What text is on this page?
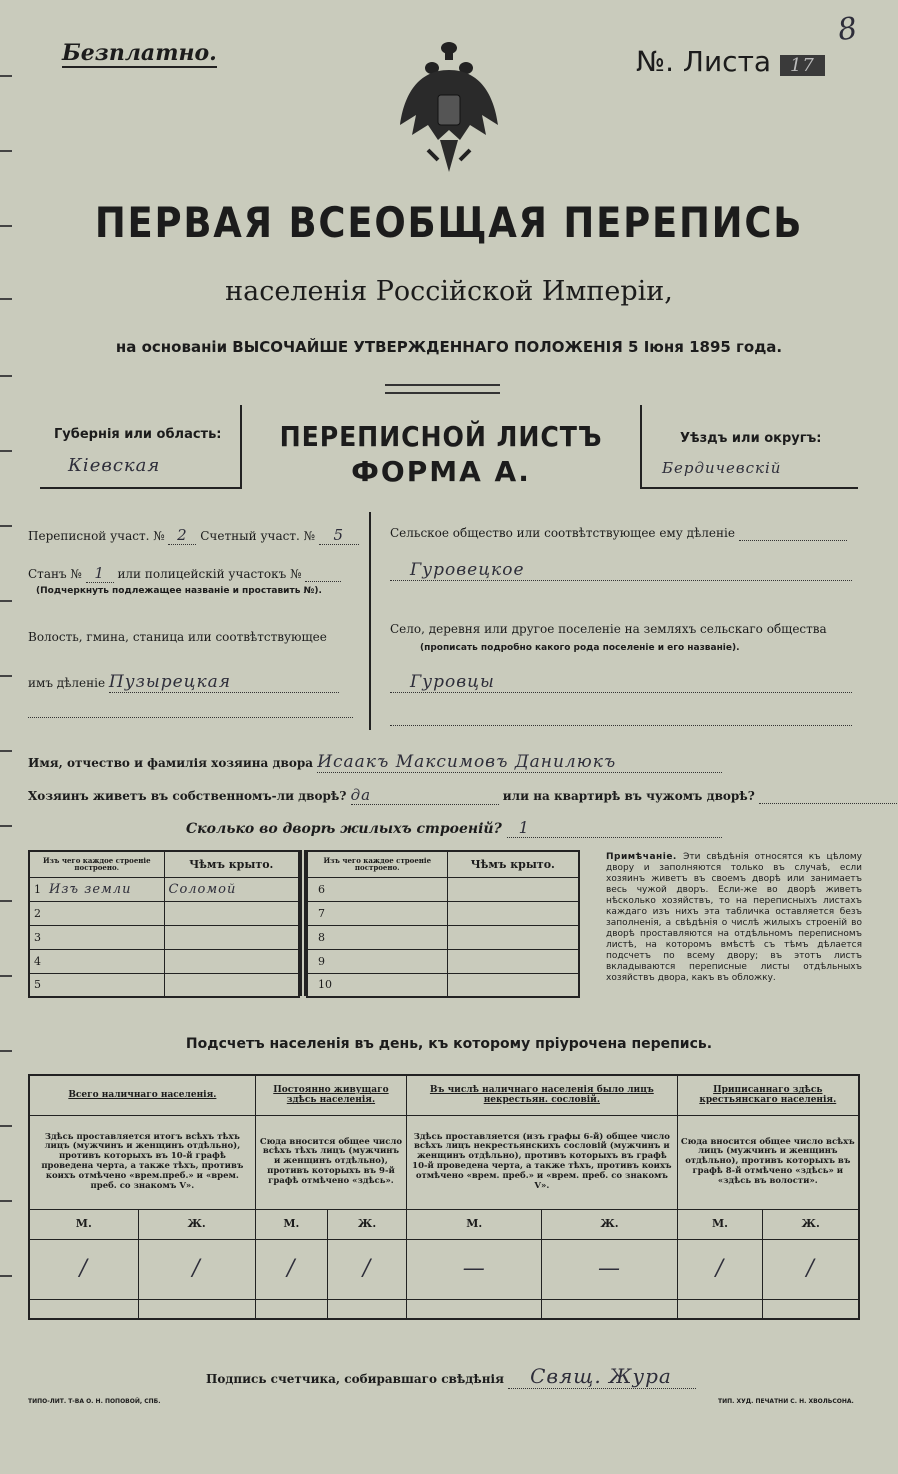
Безплатно.	№. Листа 17
8
ПЕРВАЯ ВСЕОБЩАЯ ПЕРЕПИСЬ
населенія Россійской Имперіи,
на основаніи ВЫСОЧАЙШЕ УТВЕРЖДЕННАГО ПОЛОЖЕНІЯ 5 Іюня 1895 года.
Губернія или область:
Кіевская
ПЕРЕПИСНОЙ ЛИСТЪ
ФОРМА А.
Уѣздъ или округъ:
Бердичевскій
Переписной участ. № 2 Счетный участ. № 5
Станъ № 1 или полицейскій участокъ №
(Подчеркнуть подлежащее названіе и проставить №).
Волость, гмина, станица или соотвѣтствующее
имъ дѣленіе Пузырецкая
Сельское общество или соотвѣтствующее ему дѣленіе
Гуровецкое
Село, деревня или другое поселеніе на земляхъ сельскаго общества
(прописать подробно какого рода поселеніе и его названіе).
Гуровцы
Имя, отчество и фамилія хозяина двора Исаакъ Максимовъ Данилюкъ
Хозяинъ живетъ въ собственномъ-ли дворѣ? да	или на квартирѣ въ чужомъ дворѣ?
Сколько во дворѣ жилыхъ строеній? 1
Изъ чего каждое строеніе построено.	Чѣмъ крыто.
1 Изъ земли	Соломой
2	
3	
4	
5	
Изъ чего каждое строеніе построено.	Чѣмъ крыто.
6	
7	
8	
9	
10	
Примѣчаніе. Эти свѣдѣнія относятся къ цѣлому двору и заполняются только въ случаѣ, если хозяинъ живетъ въ своемъ дворѣ или занимаетъ весь чужой дворъ. Если-же во дворѣ живетъ нѣсколько хозяйствъ, то на переписныхъ листахъ каждаго изъ нихъ эта табличка оставляется безъ заполненія, а свѣдѣнія о числѣ жилыхъ строеній во дворѣ проставляются на отдѣльномъ переписномъ листѣ, на которомъ вмѣстѣ съ тѣмъ дѣлается подсчетъ по всему двору; въ этотъ листъ вкладываются переписные листы отдѣльныхъ хозяйствъ двора, какъ въ обложку.
Подсчетъ населенія въ день, къ которому пріурочена перепись.
Всего наличнаго населенія.		Постоянно живущаго здѣсь населенія.		Въ числѣ наличнаго населенія было лицъ некрестьян. сословій.		Приписаннаго здѣсь крестьянскаго населенія.	
Здѣсь проставляется итогъ всѣхъ тѣхъ лицъ (мужчинъ и женщинъ отдѣльно), противъ которыхъ въ 10-й графѣ проведена черта, а также тѣхъ, противъ коихъ отмѣчено «врем.преб.» и «врем. преб. со знакомъ V».		Сюда вносится общее число всѣхъ тѣхъ лицъ (мужчинъ и женщинъ отдѣльно), противъ которыхъ въ 9-й графѣ отмѣчено «здѣсь».		Здѣсь проставляется (изъ графы 6-й) общее число всѣхъ лицъ некрестьянскихъ сословій (мужчинъ и женщинъ отдѣльно), противъ которыхъ въ графѣ 10-й проведена черта, а также тѣхъ, противъ коихъ отмѣчено «врем. преб.» и «врем. преб. со знакомъ V».		Сюда вносится общее число всѣхъ лицъ (мужчинъ и женщинъ отдѣльно), противъ которыхъ въ графѣ 8-й отмѣчено «здѣсь» и «здѣсь въ волости».	
М.	Ж.	М.	Ж.	М.	Ж.	М.	Ж.
/	/	/	/	—	—	/	/

Подпись счетчика, собиравшаго свѣдѣнія Свящ. Жура
ТИПО-ЛИТ. Т-ВА О. Н. ПОПОВОЙ, СПБ.	ТИП. ХУД. ПЕЧАТНИ С. Н. ХВОЛЬСОНА.
